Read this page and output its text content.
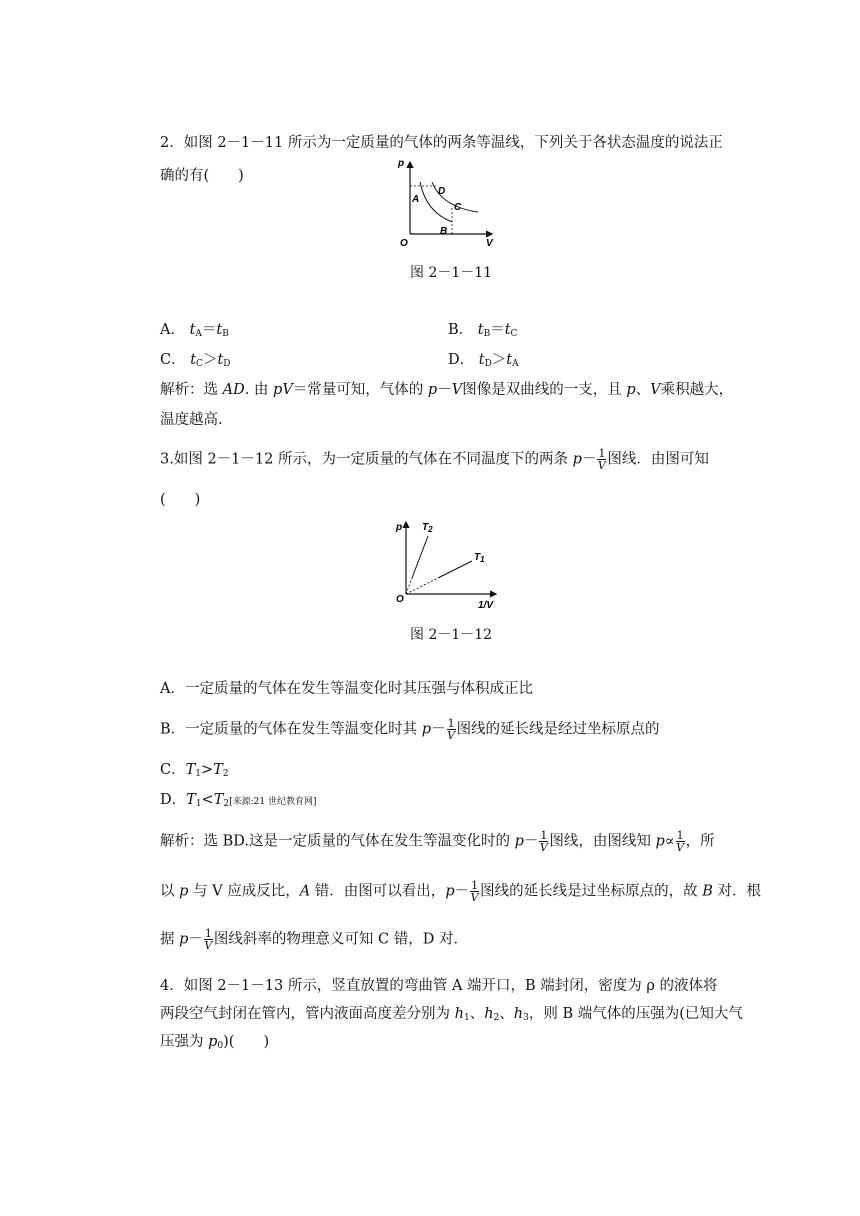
2．如图 2－1－11 所示为一定质量的气体的两条等温线，下列关于各状态温度的说法正
确的有(　　)
p
V
O
A
D
C
B
图 2－1－11
A． $t_A=t_B$	B． $t_B=t_C$
C． $t_C>t_D$	D． $t_D>t_A$
解析：选 AD. 由 pV＝常量可知，气体的 p－V图像是双曲线的一支，且 p、V乘积越大，
温度越高.
3.如图 2－1－12 所示，为一定质量的气体在不同温度下的两条 $p- \frac{1}{V}$ 图线．由图可知
(　　)
p $T_2$
$T_1$
O
1/V
图 2－1－12
A．一定质量的气体在发生等温变化时其压强与体积成正比
B．一定质量的气体在发生等温变化时其 $p- \frac{1}{V}$ 图线的延长线是经过坐标原点的
C．$T_1>T_2$
D．$T_1<T_2$[来源:21 世纪教育网]
解析：选 BD.这是一定质量的气体在发生等温变化时的 $p- \frac{1}{V}$ 图线，由图线知 $p\propto \frac{1}{V}$ ，所
以 p 与 V 应成反比，A 错．由图可以看出，$p- \frac{1}{V}$ 图线的延长线是过坐标原点的，故 B 对．根
据 $p- \frac{1}{V}$ 图线斜率的物理意义可知 C 错，D 对．
4．如图 2－1－13 所示，竖直放置的弯曲管 A 端开口，B 端封闭，密度为 ρ 的液体将
两段空气封闭在管内，管内液面高度差分别为 $h_1$、$h_2$、$h_3$，则 B 端气体的压强为(已知大气
压强为 $p_0$)(　　)
